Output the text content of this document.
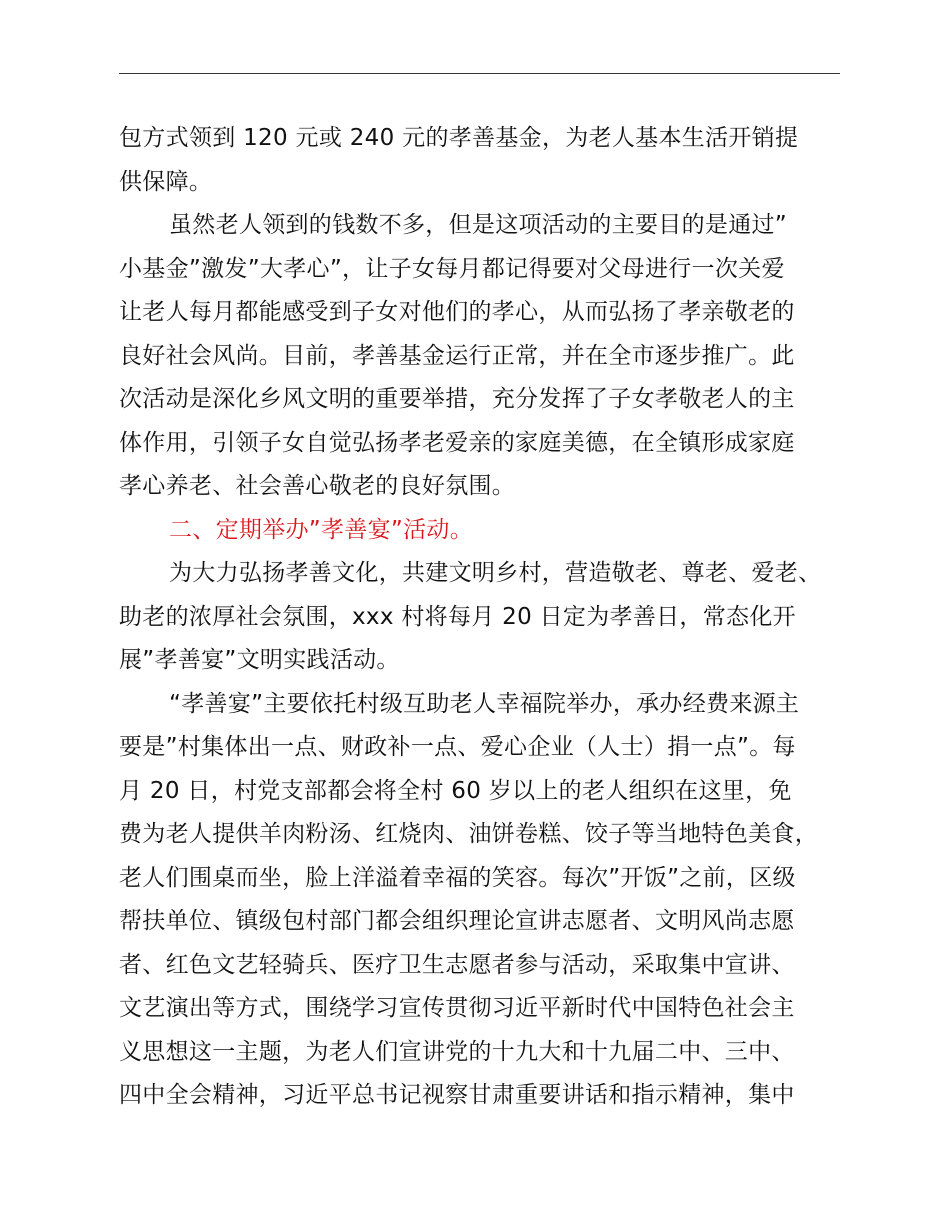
包方式领到 120 元或 240 元的孝善基金，为老人基本生活开销提
供保障。
虽然老人领到的钱数不多，但是这项活动的主要目的是通过”
小基金”激发”大孝心”，让子女每月都记得要对父母进行一次关爱
让老人每月都能感受到子女对他们的孝心，从而弘扬了孝亲敬老的
良好社会风尚。目前，孝善基金运行正常，并在全市逐步推广。此
次活动是深化乡风文明的重要举措，充分发挥了子女孝敬老人的主
体作用，引领子女自觉弘扬孝老爱亲的家庭美德，在全镇形成家庭
孝心养老、社会善心敬老的良好氛围。
二、定期举办”孝善宴”活动。
为大力弘扬孝善文化，共建文明乡村，营造敬老、尊老、爱老、
助老的浓厚社会氛围，xxx 村将每月 20 日定为孝善日，常态化开
展”孝善宴”文明实践活动。
“孝善宴”主要依托村级互助老人幸福院举办，承办经费来源主
要是”村集体出一点、财政补一点、爱心企业（人士）捐一点”。每
月 20 日，村党支部都会将全村 60 岁以上的老人组织在这里，免
费为老人提供羊肉粉汤、红烧肉、油饼卷糕、饺子等当地特色美食，
老人们围桌而坐，脸上洋溢着幸福的笑容。每次”开饭”之前，区级
帮扶单位、镇级包村部门都会组织理论宣讲志愿者、文明风尚志愿
者、红色文艺轻骑兵、医疗卫生志愿者参与活动，采取集中宣讲、
文艺演出等方式，围绕学习宣传贯彻习近平新时代中国特色社会主
义思想这一主题，为老人们宣讲党的十九大和十九届二中、三中、
四中全会精神，习近平总书记视察甘肃重要讲话和指示精神，集中
